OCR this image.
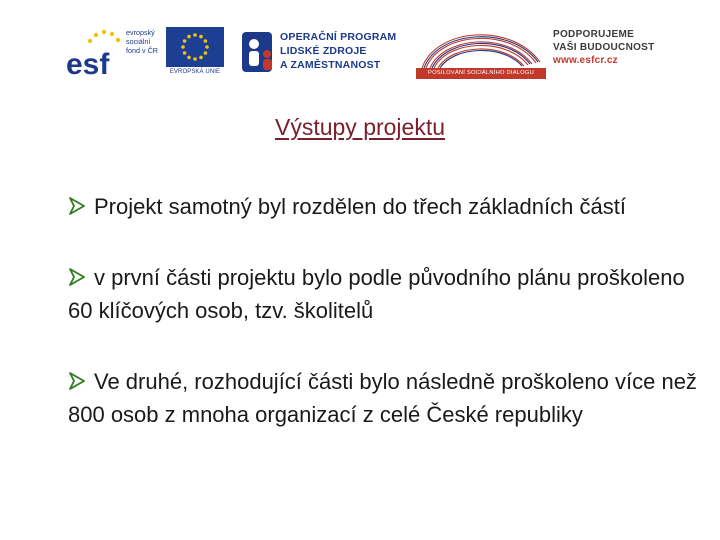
esf
evropský
sociální
fond v ČR
EVROPSKÁ UNIE
OPERAČNÍ PROGRAM
LIDSKÉ ZDROJE
A ZAMĚSTNANOST
POSILOVÁNÍ SOCIÁLNÍHO DIALOGU
PODPORUJEME
VAŠI BUDOUCNOST
www.esfcr.cz
Výstupy projektu
Projekt samotný byl rozdělen do třech základních částí
v první části projektu bylo podle původního plánu proškoleno 60 klíčových osob, tzv. školitelů
Ve druhé, rozhodující části bylo následně proškoleno více než 800 osob z mnoha organizací z celé České republiky
